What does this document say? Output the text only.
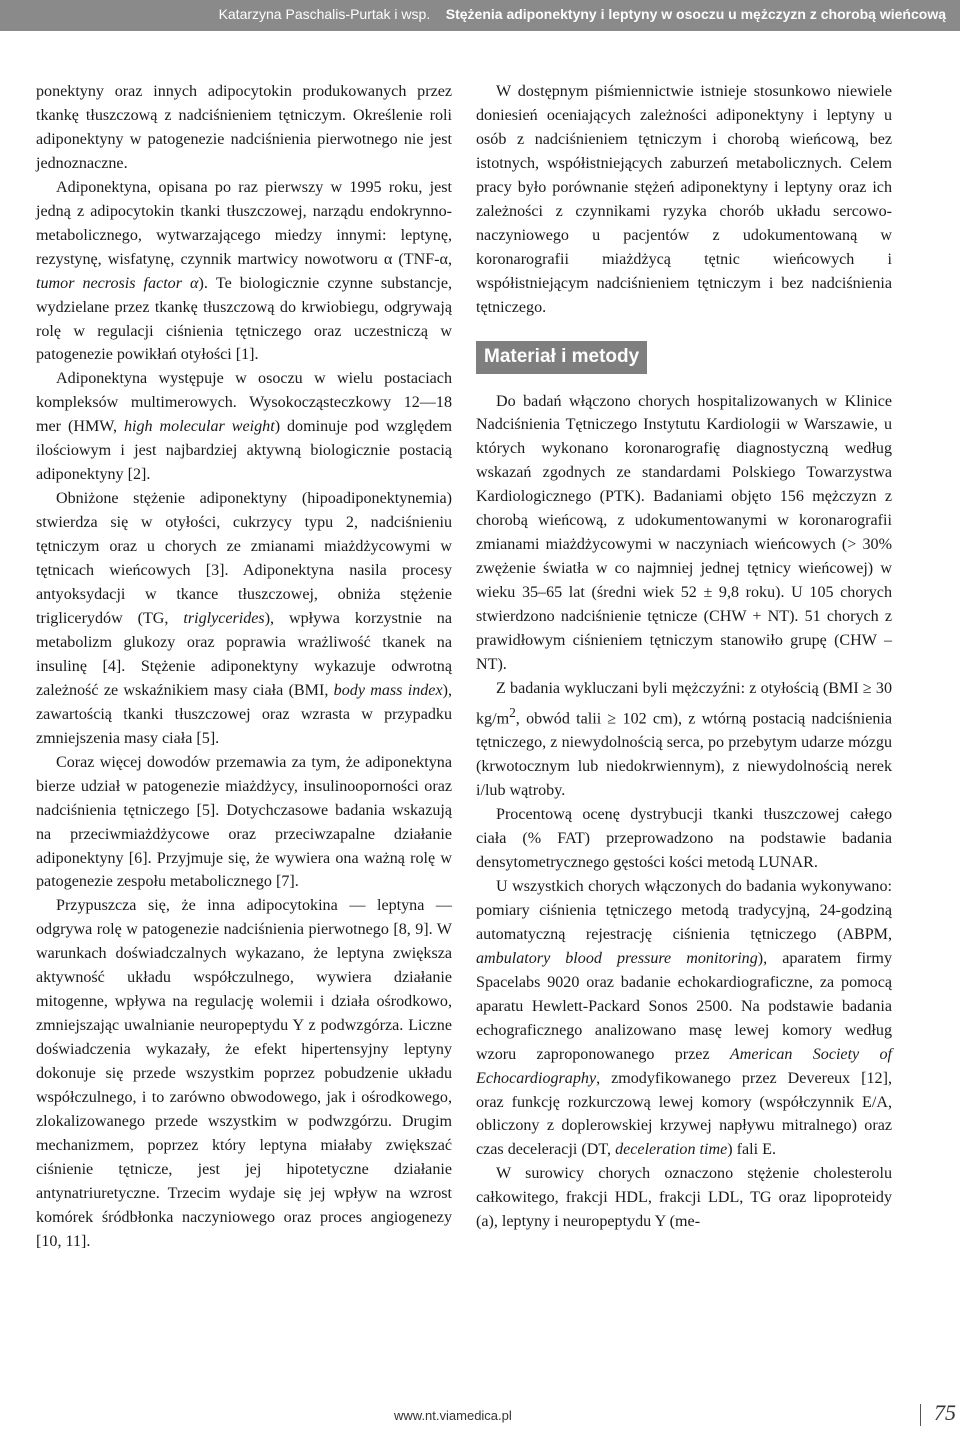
Katarzyna Paschalis-Purtak i wsp. Stężenia adiponektyny i leptyny w osoczu u mężczyzn z chorobą wieńcową

ponektyny oraz innych adipocytokin produkowanych przez tkankę tłuszczową z nadciśnieniem tętniczym. Określenie roli adiponektyny w patogenezie nadciśnienia pierwotnego nie jest jednoznaczne.

Adiponektyna, opisana po raz pierwszy w 1995 roku, jest jedną z adipocytokin tkanki tłuszczowej, narządu endokrynno-metabolicznego, wytwarzającego miedzy innymi: leptynę, rezystynę, wisfatynę, czynnik martwicy nowotworu α (TNF-α, tumor necrosis factor α). Te biologicznie czynne substancje, wydzielane przez tkankę tłuszczową do krwiobiegu, odgrywają rolę w regulacji ciśnienia tętniczego oraz uczestniczą w patogenezie powikłań otyłości [1].

Adiponektyna występuje w osoczu w wielu postaciach kompleksów multimerowych. Wysokocząsteczkowy 12—18 mer (HMW, high molecular weight) dominuje pod względem ilościowym i jest najbardziej aktywną biologicznie postacią adiponektyny [2].

Obniżone stężenie adiponektyny (hipoadiponektynemia) stwierdza się w otyłości, cukrzycy typu 2, nadciśnieniu tętniczym oraz u chorych ze zmianami miażdżycowymi w tętnicach wieńcowych [3]. Adiponektyna nasila procesy antyoksydacji w tkance tłuszczowej, obniża stężenie triglicerydów (TG, triglycerides), wpływa korzystnie na metabolizm glukozy oraz poprawia wrażliwość tkanek na insulinę [4]. Stężenie adiponektyny wykazuje odwrotną zależność ze wskaźnikiem masy ciała (BMI, body mass index), zawartością tkanki tłuszczowej oraz wzrasta w przypadku zmniejszenia masy ciała [5].

Coraz więcej dowodów przemawia za tym, że adiponektyna bierze udział w patogenezie miażdżycy, insulinooporności oraz nadciśnienia tętniczego [5]. Dotychczasowe badania wskazują na przeciwmiażdżycowe oraz przeciwzapalne działanie adiponektyny [6]. Przyjmuje się, że wywiera ona ważną rolę w patogenezie zespołu metabolicznego [7].

Przypuszcza się, że inna adipocytokina — leptyna — odgrywa rolę w patogenezie nadciśnienia pierwotnego [8, 9]. W warunkach doświadczalnych wykazano, że leptyna zwiększa aktywność układu współczulnego, wywiera działanie mitogenne, wpływa na regulację wolemii i działa ośrodkowo, zmniejszając uwalnianie neuropeptydu Y z podwzgórza. Liczne doświadczenia wykazały, że efekt hipertensyjny leptyny dokonuje się przede wszystkim poprzez pobudzenie układu współczulnego, i to zarówno obwodowego, jak i ośrodkowego, zlokalizowanego przede wszystkim w podwzgórzu. Drugim mechanizmem, poprzez który leptyna miałaby zwiększać ciśnienie tętnicze, jest jej hipotetyczne działanie antynatriuretyczne. Trzecim wydaje się jej wpływ na wzrost komórek śródbłonka naczyniowego oraz proces angiogenezy [10, 11].

W dostępnym piśmiennictwie istnieje stosunkowo niewiele doniesień oceniających zależności adiponektyny i leptyny u osób z nadciśnieniem tętniczym i chorobą wieńcową, bez istotnych, współistniejących zaburzeń metabolicznych. Celem pracy było porównanie stężeń adiponektyny i leptyny oraz ich zależności z czynnikami ryzyka chorób układu sercowo-naczyniowego u pacjentów z udokumentowaną w koronarografii miażdżycą tętnic wieńcowych i współistniejącym nadciśnieniem tętniczym i bez nadciśnienia tętniczego.

Materiał i metody

Do badań włączono chorych hospitalizowanych w Klinice Nadciśnienia Tętniczego Instytutu Kardiologii w Warszawie, u których wykonano koronarografię diagnostyczną według wskazań zgodnych ze standardami Polskiego Towarzystwa Kardiologicznego (PTK). Badaniami objęto 156 mężczyzn z chorobą wieńcową, z udokumentowanymi w koronarografii zmianami miażdżycowymi w naczyniach wieńcowych (> 30% zwężenie światła w co najmniej jednej tętnicy wieńcowej) w wieku 35–65 lat (średni wiek 52 ± 9,8 roku). U 105 chorych stwierdzono nadciśnienie tętnicze (CHW + NT). 51 chorych z prawidłowym ciśnieniem tętniczym stanowiło grupę (CHW – NT).

Z badania wykluczani byli mężczyźni: z otyłością (BMI ≥ 30 $kg/m^2$, obwód talii ≥ 102 cm), z wtórną postacią nadciśnienia tętniczego, z niewydolnością serca, po przebytym udarze mózgu (krwotocznym lub niedokrwiennym), z niewydolnością nerek i/lub wątroby.

Procentową ocenę dystrybucji tkanki tłuszczowej całego ciała (% FAT) przeprowadzono na podstawie badania densytometrycznego gęstości kości metodą LUNAR.

U wszystkich chorych włączonych do badania wykonywano: pomiary ciśnienia tętniczego metodą tradycyjną, 24-godziną automatyczną rejestrację ciśnienia tętniczego (ABPM, ambulatory blood pressure monitoring), aparatem firmy Spacelabs 9020 oraz badanie echokardiograficzne, za pomocą aparatu Hewlett-Packard Sonos 2500. Na podstawie badania echograficznego analizowano masę lewej komory według wzoru zaproponowanego przez American Society of Echocardiography, zmodyfikowanego przez Devereux [12], oraz funkcję rozkurczową lewej komory (współczynnik E/A, obliczony z doplerowskiej krzywej napływu mitralnego) oraz czas deceleracji (DT, deceleration time) fali E.

W surowicy chorych oznaczono stężenie cholesterolu całkowitego, frakcji HDL, frakcji LDL, TG oraz lipoproteidy (a), leptyny i neuropeptydu Y (me-

www.nt.viamedica.pl	75
